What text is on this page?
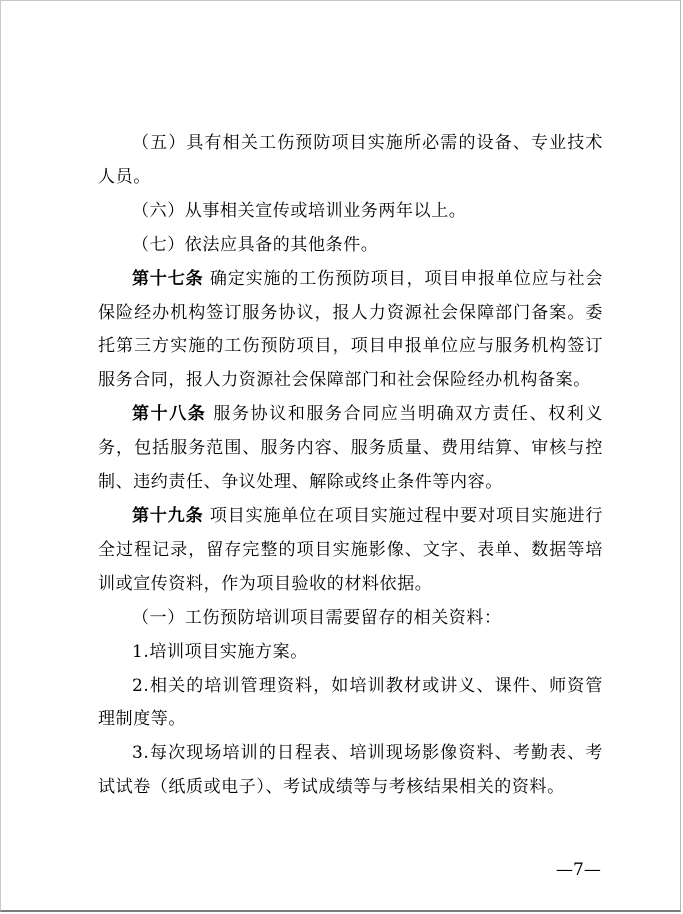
（五）具有相关工伤预防项目实施所必需的设备、专业技术人员。

（六）从事相关宣传或培训业务两年以上。

（七）依法应具备的其他条件。

第十七条 确定实施的工伤预防项目，项目申报单位应与社会保险经办机构签订服务协议，报人力资源社会保障部门备案。委托第三方实施的工伤预防项目，项目申报单位应与服务机构签订服务合同，报人力资源社会保障部门和社会保险经办机构备案。

第十八条 服务协议和服务合同应当明确双方责任、权利义务，包括服务范围、服务内容、服务质量、费用结算、审核与控制、违约责任、争议处理、解除或终止条件等内容。

第十九条 项目实施单位在项目实施过程中要对项目实施进行全过程记录，留存完整的项目实施影像、文字、表单、数据等培训或宣传资料，作为项目验收的材料依据。

（一）工伤预防培训项目需要留存的相关资料：

1.培训项目实施方案。

2.相关的培训管理资料，如培训教材或讲义、课件、师资管理制度等。

3.每次现场培训的日程表、培训现场影像资料、考勤表、考试试卷（纸质或电子）、考试成绩等与考核结果相关的资料。

—7—
